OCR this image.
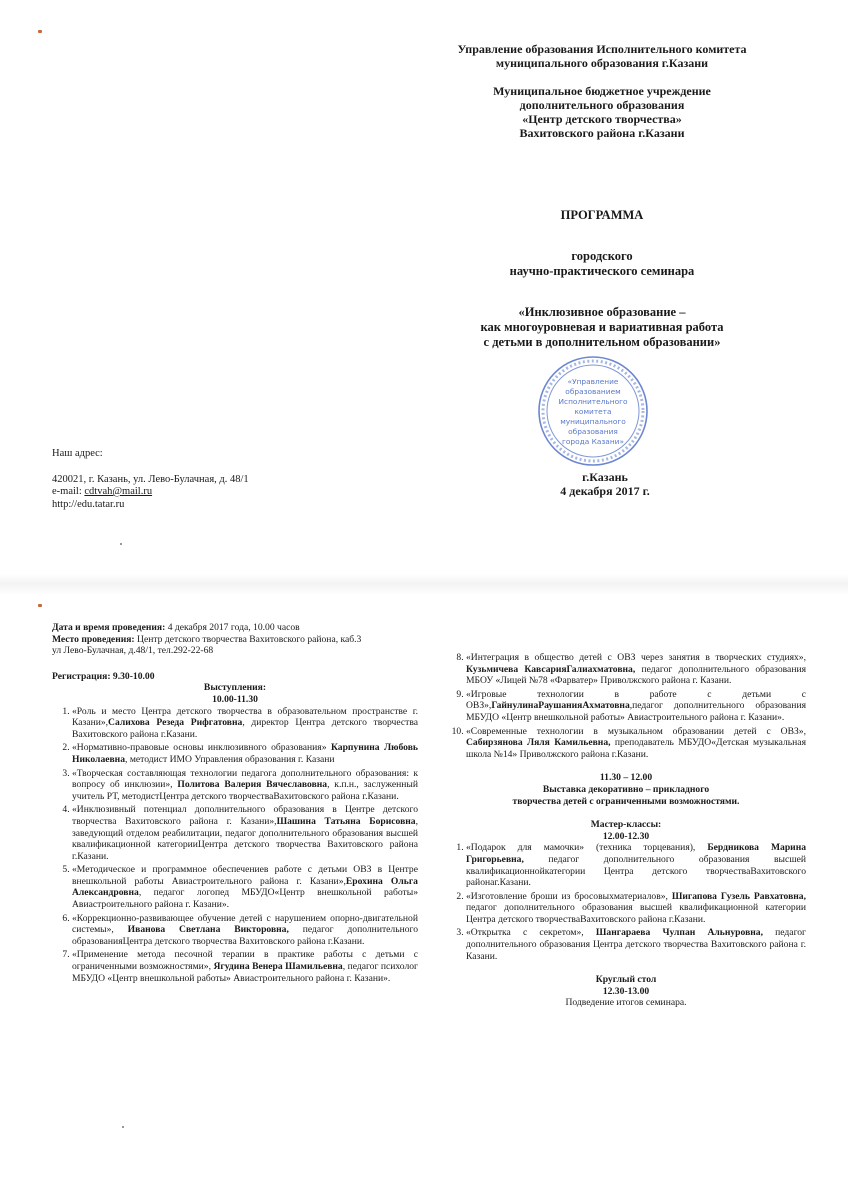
Управление образования Исполнительного комитета

муниципального образования г.Казани

Муниципальное бюджетное учреждение

дополнительного образования

«Центр детского творчества»

Вахитовского района г.Казани

ПРОГРАММА

городского

научно-практического семинара

«Инклюзивное образование –

как многоуровневая и вариативная работа

с детьми в дополнительном образовании»

«Управление
образованием
Исполнительного
комитета
муниципального
образования
города Казани»

г.Казань

4 декабря 2017 г.

Наш адрес:

420021, г. Казань, ул. Лево-Булачная, д. 48/1

e-mail: cdtvah@mail.ru

http://edu.tatar.ru

Дата и время проведения: 4 декабря 2017 года, 10.00 часов

Место проведения: Центр детского творчества Вахитовского района, каб.3

ул Лево-Булачная, д.48/1, тел.292-22-68

Регистрация: 9.30-10.00

Выступления:

10.00-11.30

1. «Роль и место Центра детского творчества в образовательном пространстве г. Казани»,Салихова Резеда Рифгатовна, директор Центра детского творчества Вахитовского района г.Казани.
2. «Нормативно-правовые основы инклюзивного образования» Карпунина Любовь Николаевна, методист ИМО Управления образования г. Казани
3. «Творческая составляющая технологии педагога дополнительного образования: к вопросу об инклюзии», Политова Валерия Вячеславовна, к.п.н., заслуженный учитель РТ, методистЦентра детского творчестваВахитовского района г.Казани.
4. «Инклюзивный потенциал дополнительного образования в Центре детского творчества Вахитовского района г. Казани»,Шашина Татьяна Борисовна, заведующий отделом реабилитации, педагог дополнительного образования высшей квалификационной категорииЦентра детского творчества Вахитовского района г.Казани.
5. «Методическое и программное обеспечениев работе с детьми ОВЗ в Центре внешкольной работы Авиастроительного района г. Казани»,Ерохина Ольга Александровна, педагог логопед МБУДО«Центр внешкольной работы» Авиастроительного района г. Казани».
6. «Коррекционно-развивающее обучение детей с нарушением опорно-двигательной системы», Иванова Светлана Викторовна, педагог дополнительного образованияЦентра детского творчества Вахитовского района г.Казани.
7. «Применение метода песочной терапии в практике работы с детьми с ограниченными возможностями», Ягудина Венера Шамильевна, педагог психолог МБУДО «Центр внешкольной работы» Авиастроительного района г. Казани».
8. «Интеграция в общество детей с ОВЗ через занятия в творческих студиях», Кузьмичева КавсарияГалиахматовна, педагог дополнительного образования МБОУ «Лицей №78 «Фарватер» Приволжского района г. Казани.
9. «Игровые технологии в работе с детьми с ОВЗ»,ГайнулинаРаушанияАхматовна,педагог дополнительного образования МБУДО «Центр внешкольной работы» Авиастроительного района г. Казани».
10. «Современные технологии в музыкальном образовании детей с ОВЗ», Сабирзянова Ляля Камильевна, преподаватель МБУДО«Детская музыкальная школа №14» Приволжского района г.Казани.

11.30 – 12.00

Выставка декоративно – прикладного

творчества детей с ограниченными возможностями.

Мастер-классы:

12.00-12.30

1. «Подарок для мамочки» (техника торцевания), Бердникова Марина Григорьевна, педагог дополнительного образования высшей квалификационнойкатегории Центра детского творчестваВахитовского районаг.Казани.
2. «Изготовление броши из бросовыхматериалов», Шигапова Гузель Равхатовна, педагог дополнительного образования высшей квалификационной категории Центра детского творчестваВахитовского района г.Казани.
3. «Открытка с секретом», Шангараева Чулпан Альнуровна, педагог дополнительного образования Центра детского творчества Вахитовского района г. Казани.

Круглый стол

12.30-13.00

Подведение итогов семинара.
